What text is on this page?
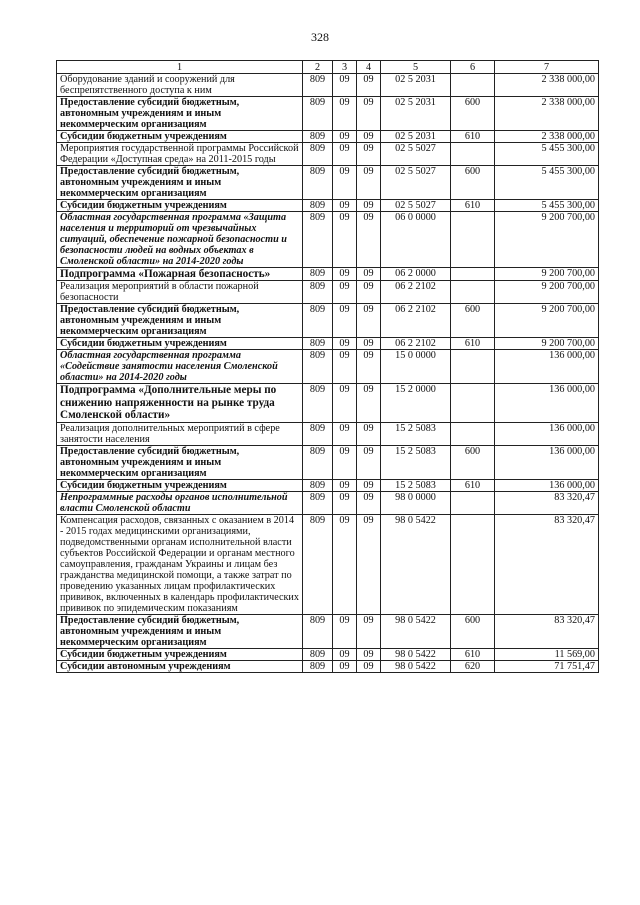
328
1	2	3	4	5	6	7
Оборудование зданий и сооружений для беспрепятственного доступа к ним	809	09	09	02 5 2031		2 338 000,00
Предоставление субсидий бюджетным, автономным учреждениям и иным некоммерческим организациям	809	09	09	02 5 2031	600	2 338 000,00
Субсидии бюджетным учреждениям	809	09	09	02 5 2031	610	2 338 000,00
Мероприятия государственной программы Российской Федерации «Доступная среда» на 2011-2015 годы	809	09	09	02 5 5027		5 455 300,00
Предоставление субсидий бюджетным, автономным учреждениям и иным некоммерческим организациям	809	09	09	02 5 5027	600	5 455 300,00
Субсидии бюджетным учреждениям	809	09	09	02 5 5027	610	5 455 300,00
Областная государственная программа «Защита населения и территорий от чрезвычайных ситуаций, обеспечение пожарной безопасности и безопасности людей на водных объектах в Смоленской области» на 2014-2020 годы	809	09	09	06 0 0000		9 200 700,00
Подпрограмма «Пожарная безопасность»	809	09	09	06 2 0000		9 200 700,00
Реализация мероприятий в области пожарной безопасности	809	09	09	06 2 2102		9 200 700,00
Предоставление субсидий бюджетным, автономным учреждениям и иным некоммерческим организациям	809	09	09	06 2 2102	600	9 200 700,00
Субсидии бюджетным учреждениям	809	09	09	06 2 2102	610	9 200 700,00
Областная государственная программа «Содействие занятости населения Смоленской области» на 2014-2020 годы	809	09	09	15 0 0000		136 000,00
Подпрограмма «Дополнительные меры по снижению напряженности на рынке труда Смоленской области»	809	09	09	15 2 0000		136 000,00
Реализация дополнительных мероприятий в сфере занятости населения	809	09	09	15 2 5083		136 000,00
Предоставление субсидий бюджетным, автономным учреждениям и иным некоммерческим организациям	809	09	09	15 2 5083	600	136 000,00
Субсидии бюджетным учреждениям	809	09	09	15 2 5083	610	136 000,00
Непрограммные расходы органов исполнительной власти Смоленской области	809	09	09	98 0 0000		83 320,47
Компенсация расходов, связанных с оказанием в 2014 - 2015 годах медицинскими организациями, подведомственными органам исполнительной власти субъектов Российской Федерации и органам местного самоуправления, гражданам Украины и лицам без гражданства медицинской помощи, а также затрат по проведению указанных лицам профилактических прививок, включенных в календарь профилактических прививок по эпидемическим показаниям	809	09	09	98 0 5422		83 320,47
Предоставление субсидий бюджетным, автономным учреждениям и иным некоммерческим организациям	809	09	09	98 0 5422	600	83 320,47
Субсидии бюджетным учреждениям	809	09	09	98 0 5422	610	11 569,00
Субсидии автономным учреждениям	809	09	09	98 0 5422	620	71 751,47
